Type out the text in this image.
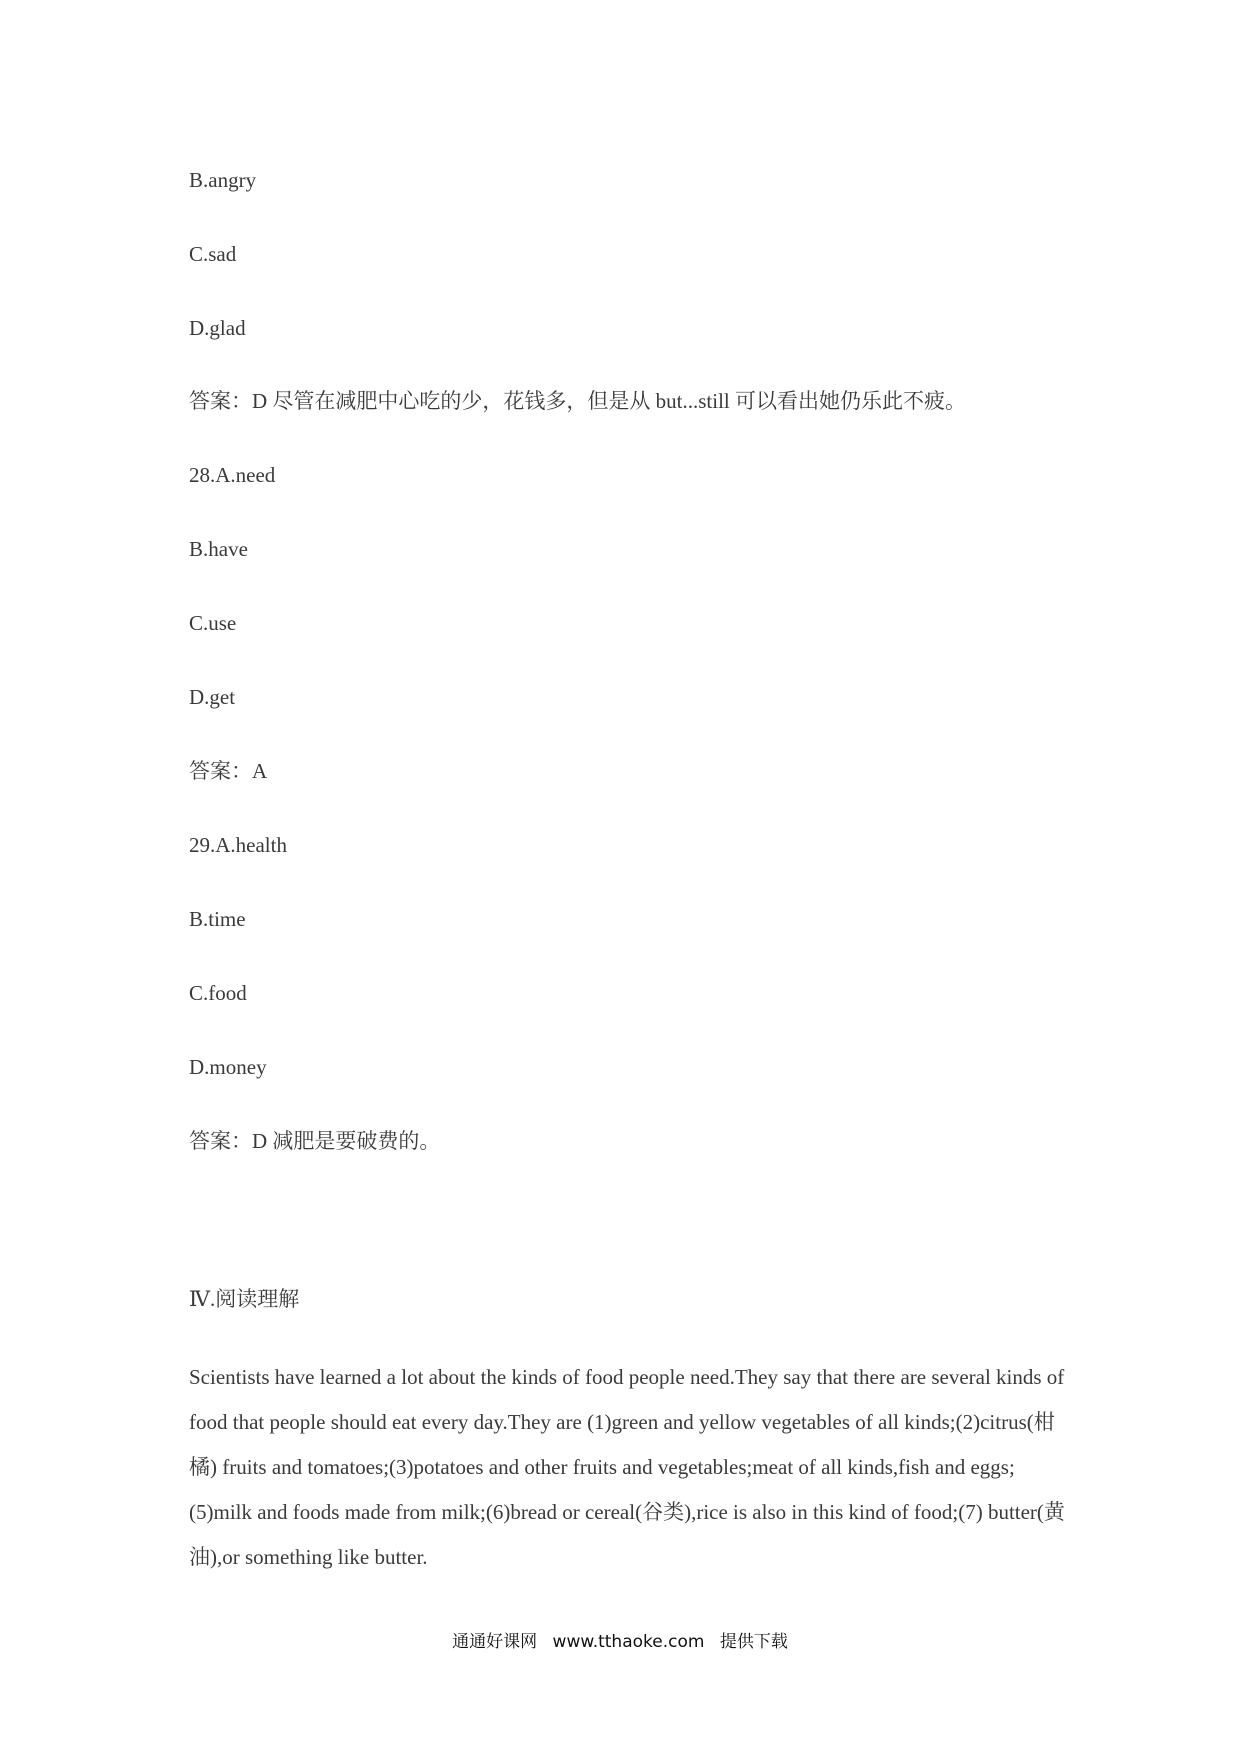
B.angry
C.sad
D.glad
答案：D 尽管在减肥中心吃的少，花钱多，但是从 but...still 可以看出她仍乐此不疲。
28.A.need
B.have
C.use
D.get
答案：A
29.A.health
B.time
C.food
D.money
答案：D 减肥是要破费的。
Ⅳ.阅读理解
Scientists have learned a lot about the kinds of food people need.They say that there are several kinds of food that people should eat every day.They are (1)green and yellow vegetables of all kinds;(2)citrus(柑橘) fruits and tomatoes;(3)potatoes and other fruits and vegetables;meat of all kinds,fish and eggs;(5)milk and foods made from milk;(6)bread or cereal(谷类),rice is also in this kind of food;(7) butter(黄油),or something like butter.
通通好课网 www.tthaoke.com 提供下载
